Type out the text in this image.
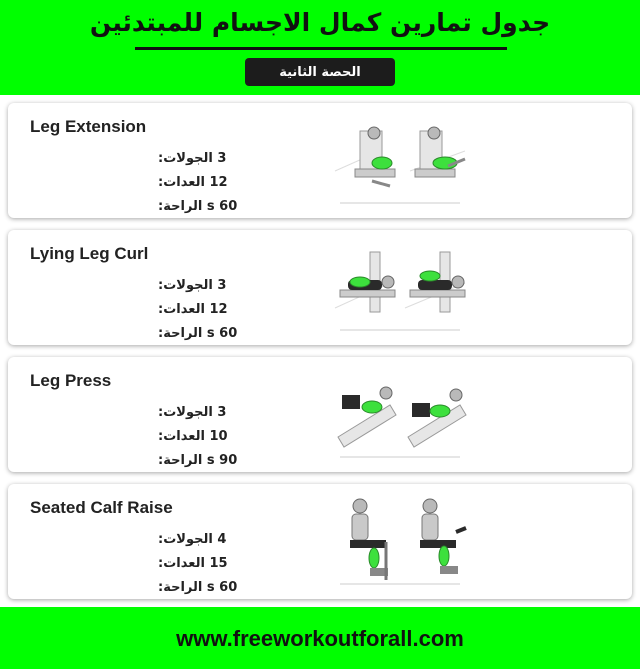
جدول تمارين كمال الاجسام للمبتدئين
الحصة الثانية
Leg Extension
الجولات: 3
العدات: 12
الراحة: 60 s
Lying Leg Curl
الجولات: 3
العدات: 12
الراحة: 60 s
Leg Press
الجولات: 3
العدات: 10
الراحة: 90 s
Seated Calf Raise
الجولات: 4
العدات: 15
الراحة: 60 s
www.freeworkoutforall.com
